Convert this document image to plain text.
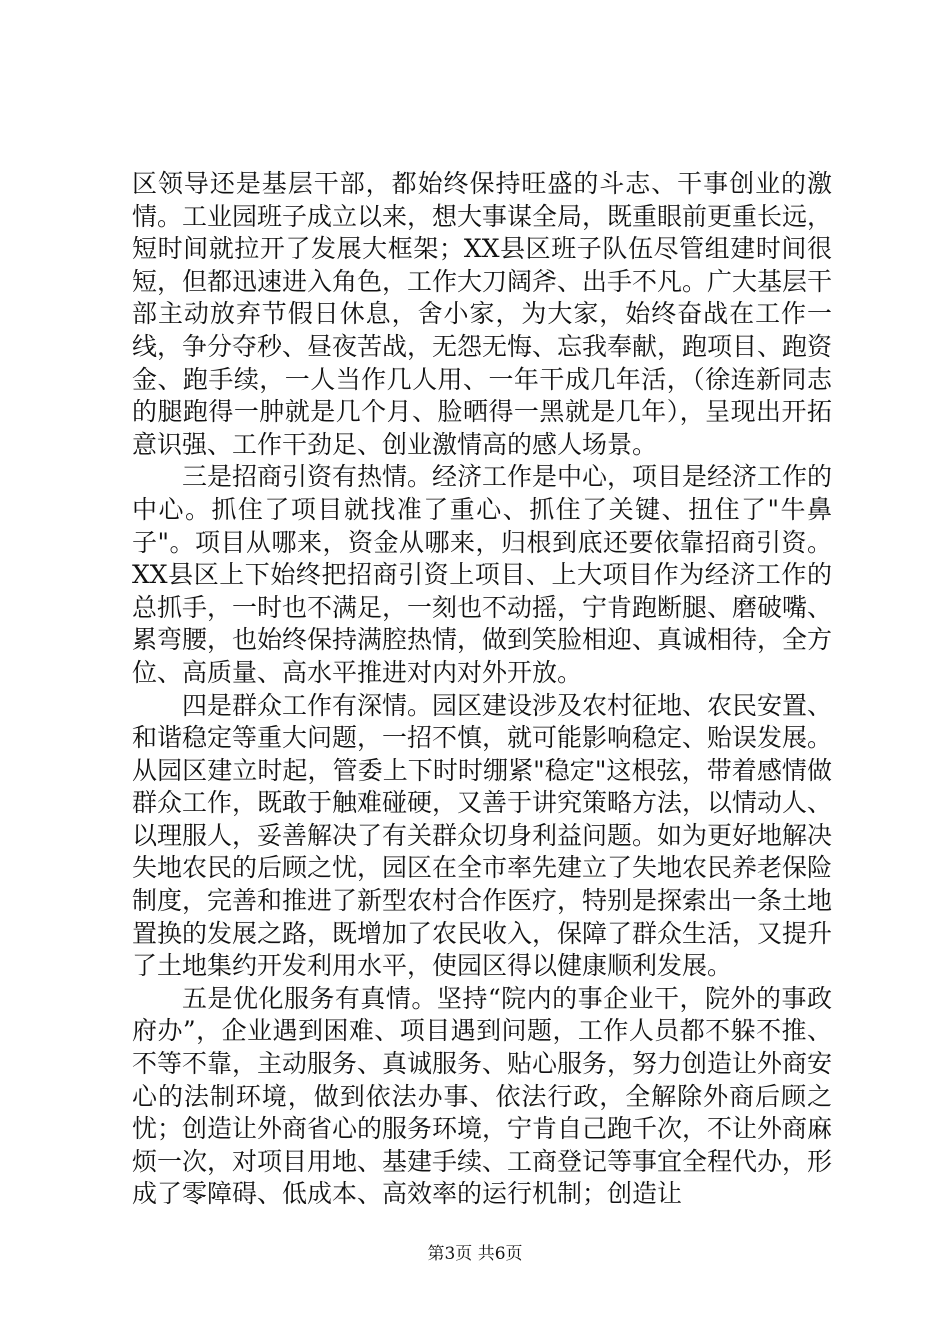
区领导还是基层干部，都始终保持旺盛的斗志、干事创业的激情。工业园班子成立以来，想大事谋全局，既重眼前更重长远，短时间就拉开了发展大框架；XX县区班子队伍尽管组建时间很短，但都迅速进入角色，工作大刀阔斧、出手不凡。广大基层干部主动放弃节假日休息，舍小家，为大家，始终奋战在工作一线，争分夺秒、昼夜苦战，无怨无悔、忘我奉献，跑项目、跑资金、跑手续，一人当作几人用、一年干成几年活，（徐连新同志的腿跑得一肿就是几个月、脸晒得一黑就是几年），呈现出开拓意识强、工作干劲足、创业激情高的感人场景。

三是招商引资有热情。经济工作是中心，项目是经济工作的中心。抓住了项目就找准了重心、抓住了关键、扭住了"牛鼻子"。项目从哪来，资金从哪来，归根到底还要依靠招商引资。XX县区上下始终把招商引资上项目、上大项目作为经济工作的总抓手，一时也不满足，一刻也不动摇，宁肯跑断腿、磨破嘴、累弯腰，也始终保持满腔热情，做到笑脸相迎、真诚相待，全方位、高质量、高水平推进对内对外开放。

四是群众工作有深情。园区建设涉及农村征地、农民安置、和谐稳定等重大问题，一招不慎，就可能影响稳定、贻误发展。从园区建立时起，管委上下时时绷紧"稳定"这根弦，带着感情做群众工作，既敢于触难碰硬，又善于讲究策略方法，以情动人、以理服人，妥善解决了有关群众切身利益问题。如为更好地解决失地农民的后顾之忧，园区在全市率先建立了失地农民养老保险制度，完善和推进了新型农村合作医疗，特别是探索出一条土地置换的发展之路，既增加了农民收入，保障了群众生活，又提升了土地集约开发利用水平，使园区得以健康顺利发展。

五是优化服务有真情。坚持“院内的事企业干，院外的事政府办”，企业遇到困难、项目遇到问题，工作人员都不躲不推、不等不靠，主动服务、真诚服务、贴心服务，努力创造让外商安心的法制环境，做到依法办事、依法行政，全解除外商后顾之忧；创造让外商省心的服务环境，宁肯自己跑千次，不让外商麻烦一次，对项目用地、基建手续、工商登记等事宜全程代办，形成了零障碍、低成本、高效率的运行机制；创造让

第3页 共6页
